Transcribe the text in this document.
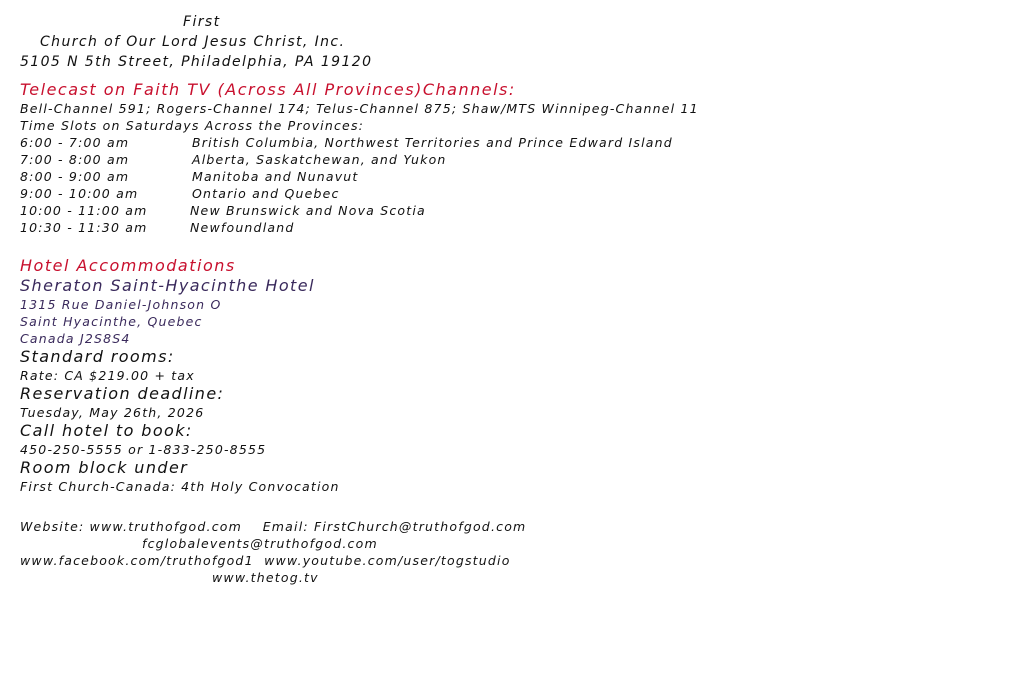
First
Church of Our Lord Jesus Christ, Inc.
5105 N 5th Street, Philadelphia, PA 19120
Telecast on Faith TV (Across All Provinces)Channels:
Bell-Channel 591; Rogers-Channel 174; Telus-Channel 875; Shaw/MTS Winnipeg-Channel 11
Time Slots on Saturdays Across the Provinces:
6:00 - 7:00 am	British Columbia, Northwest Territories and Prince Edward Island
7:00 - 8:00 am	Alberta, Saskatchewan, and Yukon
8:00 - 9:00 am	Manitoba and Nunavut
9:00 - 10:00 am	Ontario and Quebec
10:00 - 11:00 am	New Brunswick and Nova Scotia
10:30 - 11:30 am	Newfoundland
Hotel Accommodations
Sheraton Saint-Hyacinthe Hotel
1315 Rue Daniel-Johnson O
Saint Hyacinthe, Quebec
Canada J2S8S4
Standard rooms:
Rate: CA $219.00 + tax
Reservation deadline:
Tuesday, May 26th, 2026
Call hotel to book:
450-250-5555 or 1-833-250-8555
Room block under
First Church-Canada: 4th Holy Convocation
Website: www.truthofgod.com    Email: FirstChurch@truthofgod.com
fcglobalevents@truthofgod.com
www.facebook.com/truthofgod1  www.youtube.com/user/togstudio
www.thetog.tv
